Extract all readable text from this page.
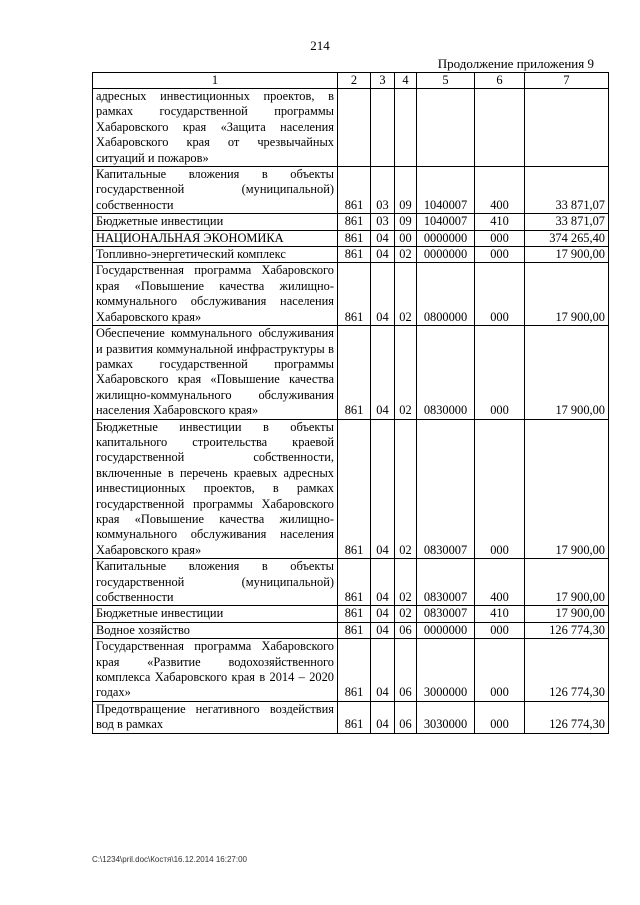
214
Продолжение приложения 9
1	2	3	4	5	6	7
адресных инвестиционных проектов, в рамках государственной программы Хабаровского края «Защита населения Хабаровского края от чрезвычайных ситуаций и пожаров»						
Капитальные вложения в объекты государственной (муниципальной) собственности	861	03	09	1040007	400	33 871,07
Бюджетные инвестиции	861	03	09	1040007	410	33 871,07
НАЦИОНАЛЬНАЯ ЭКОНОМИКА	861	04	00	0000000	000	374 265,40
Топливно-энергетический комплекс	861	04	02	0000000	000	17 900,00
Государственная программа Хабаровского края «Повышение качества жилищно-коммунального обслуживания населения Хабаровского края»	861	04	02	0800000	000	17 900,00
Обеспечение коммунального обслуживания и развития коммунальной инфраструктуры в рамках государственной программы Хабаровского края «Повышение качества жилищно-коммунального обслуживания населения Хабаровского края»	861	04	02	0830000	000	17 900,00
Бюджетные инвестиции в объекты капитального строительства краевой государственной собственности, включенные в перечень краевых адресных инвестиционных проектов, в рамках государственной программы Хабаровского края «Повышение качества жилищно-коммунального обслуживания населения Хабаровского края»	861	04	02	0830007	000	17 900,00
Капитальные вложения в объекты государственной (муниципальной) собственности	861	04	02	0830007	400	17 900,00
Бюджетные инвестиции	861	04	02	0830007	410	17 900,00
Водное хозяйство	861	04	06	0000000	000	126 774,30
Государственная программа Хабаровского края «Развитие водохозяйственного комплекса Хабаровского края в 2014 – 2020 годах»	861	04	06	3000000	000	126 774,30
Предотвращение негативного воздействия вод в рамках	861	04	06	3030000	000	126 774,30
C:\1234\pril.doc\Костя\16.12.2014 16:27:00
